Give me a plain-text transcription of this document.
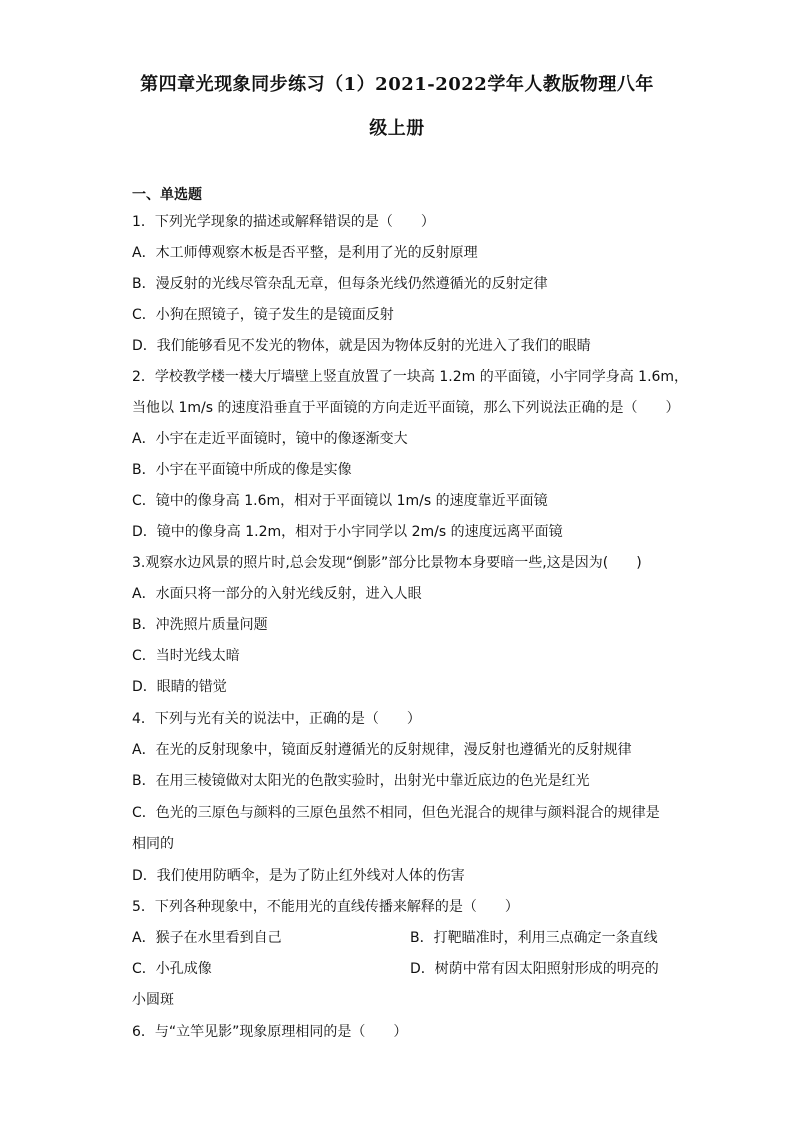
第四章光现象同步练习（1）2021-2022学年人教版物理八年
级上册
一、单选题
1．下列光学现象的描述或解释错误的是（　　）
A．木工师傅观察木板是否平整，是利用了光的反射原理
B．漫反射的光线尽管杂乱无章，但每条光线仍然遵循光的反射定律
C．小狗在照镜子，镜子发生的是镜面反射
D．我们能够看见不发光的物体，就是因为物体反射的光进入了我们的眼睛
2．学校教学楼一楼大厅墙壁上竖直放置了一块高 1.2m 的平面镜，小宇同学身高 1.6m，
当他以 1m/s 的速度沿垂直于平面镜的方向走近平面镜，那么下列说法正确的是（　　）
A．小宇在走近平面镜时，镜中的像逐渐变大
B．小宇在平面镜中所成的像是实像
C．镜中的像身高 1.6m，相对于平面镜以 1m/s 的速度靠近平面镜
D．镜中的像身高 1.2m，相对于小宇同学以 2m/s 的速度远离平面镜
3.观察水边风景的照片时,总会发现“倒影”部分比景物本身要暗一些,这是因为(　　)
A．水面只将一部分的入射光线反射，进入人眼
B．冲洗照片质量问题
C．当时光线太暗
D．眼睛的错觉
4．下列与光有关的说法中，正确的是（　　）
A．在光的反射现象中，镜面反射遵循光的反射规律，漫反射也遵循光的反射规律
B．在用三棱镜做对太阳光的色散实验时，出射光中靠近底边的色光是红光
C．色光的三原色与颜料的三原色虽然不相同，但色光混合的规律与颜料混合的规律是
相同的
D．我们使用防晒伞，是为了防止红外线对人体的伤害
5．下列各种现象中，不能用光的直线传播来解释的是（　　）
A．猴子在水里看到自己	B．打靶瞄准时，利用三点确定一条直线
C．小孔成像	D．树荫中常有因太阳照射形成的明亮的
小圆斑
6．与“立竿见影”现象原理相同的是（　　）
